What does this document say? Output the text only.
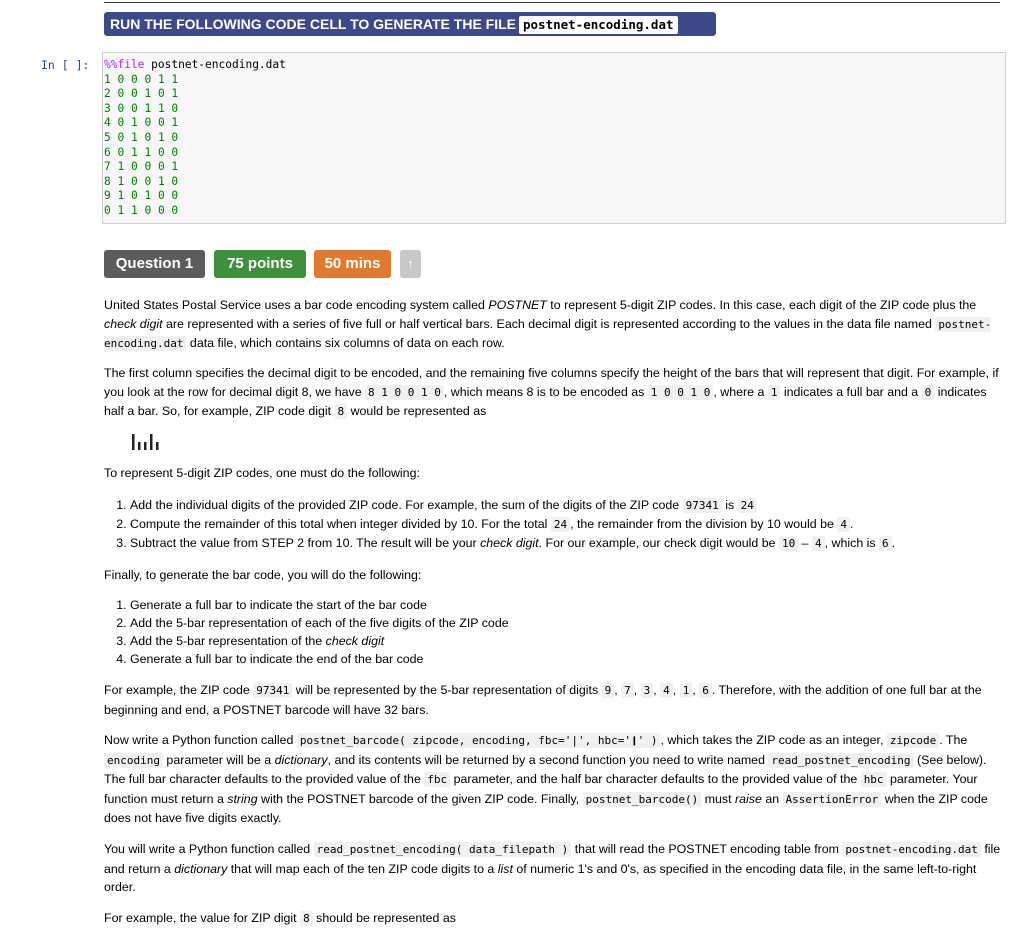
RUN THE FOLLOWING CODE CELL TO GENERATE THE FILE postnet-encoding.dat
In [ ]: %%file postnet-encoding.dat
1 0 0 0 1 1
2 0 0 1 0 1
3 0 0 1 1 0
4 0 1 0 0 1
5 0 1 0 1 0
6 0 1 1 0 0
7 1 0 0 0 1
8 1 0 0 1 0
9 1 0 1 0 0
0 1 1 0 0 0
Question 1	75 points	50 mins	↑
United States Postal Service uses a bar code encoding system called POSTNET to represent 5-digit ZIP codes. In this case, each digit of the ZIP code plus the check digit are represented with a series of five full or half vertical bars. Each decimal digit is represented according to the values in the data file named postnet-encoding.dat data file, which contains six columns of data on each row.
The first column specifies the decimal digit to be encoded, and the remaining five columns specify the height of the bars that will represent that digit. For example, if you look at the row for decimal digit 8, we have 8 1 0 0 1 0 , which means 8 is to be encoded as 1 0 0 1 0 , where a 1 indicates a full bar and a 0 indicates half a bar. So, for example, ZIP code digit 8 would be represented as
To represent 5-digit ZIP codes, one must do the following:
1. Add the individual digits of the provided ZIP code. For example, the sum of the digits of the ZIP code 97341 is 24
2. Compute the remainder of this total when integer divided by 10. For the total 24 , the remainder from the division by 10 would be 4 .
3. Subtract the value from STEP 2 from 10. The result will be your check digit. For our example, our check digit would be 10 – 4 , which is 6 .
Finally, to generate the bar code, you will do the following:
1. Generate a full bar to indicate the start of the bar code
2. Add the 5-bar representation of each of the five digits of the ZIP code
3. Add the 5-bar representation of the check digit
4. Generate a full bar to indicate the end of the bar code
For example, the ZIP code 97341 will be represented by the 5-bar representation of digits 9 , 7 , 3 , 4 , 1 , 6 . Therefore, with the addition of one full bar at the beginning and end, a POSTNET barcode will have 32 bars.
Now write a Python function called postnet_barcode( zipcode, encoding, fbc='|', hbc='❙' ) , which takes the ZIP code as an integer, zipcode . The encoding parameter will be a dictionary, and its contents will be returned by a second function you need to write named read_postnet_encoding (See below). The full bar character defaults to the provided value of the fbc parameter, and the half bar character defaults to the provided value of the hbc parameter. Your function must return a string with the POSTNET barcode of the given ZIP code. Finally, postnet_barcode() must raise an AssertionError when the ZIP code does not have five digits exactly.
You will write a Python function called read_postnet_encoding( data_filepath ) that will read the POSTNET encoding table from postnet-encoding.dat file and return a dictionary that will map each of the ten ZIP code digits to a list of numeric 1's and 0's, as specified in the encoding data file, in the same left-to-right order.
For example, the value for ZIP digit 8 should be represented as
